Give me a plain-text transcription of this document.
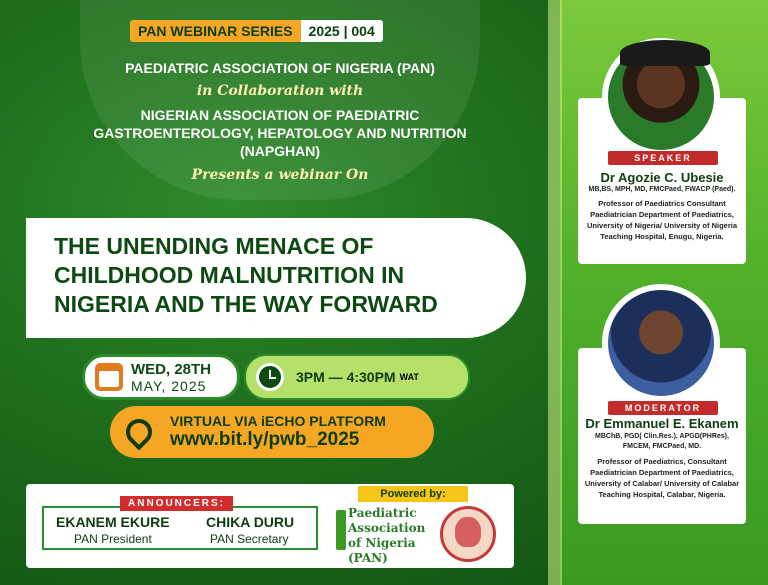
PAN WEBINAR SERIES	2025 | 004
PAEDIATRIC ASSOCIATION OF NIGERIA (PAN)
in Collaboration with
NIGERIAN ASSOCIATION OF PAEDIATRIC GASTROENTEROLOGY, HEPATOLOGY AND NUTRITION (NAPGHAN)
Presents a webinar On
THE UNENDING MENACE OF CHILDHOOD MALNUTRITION IN NIGERIA AND THE WAY FORWARD
WED, 28TH
MAY, 2025
3PM — 4:30PM WAT
VIRTUAL VIA iECHO PLATFORM
www.bit.ly/pwb_2025
ANNOUNCERS:
EKANEM EKURE
PAN President
CHIKA DURU
PAN Secretary
Powered by:
Paediatric Association of Nigeria (PAN)
SPEAKER
Dr Agozie C. Ubesie
MB,BS, MPH, MD, FMCPaed, FWACP (Paed).
Professor of Paediatrics Consultant Paediatrician Department of Paediatrics, University of Nigeria/ University of Nigeria Teaching Hospital, Enugu, Nigeria.
MODERATOR
Dr Emmanuel E. Ekanem
MBChB, PGD( Clin.Res.), APGD(PHRes), FMCEM, FMCPaed, MD.
Professor of Paediatrics, Consultant Paediatrician Department of Paediatrics, University of Calabar/ University of Calabar Teaching Hospital, Calabar, Nigeria.
